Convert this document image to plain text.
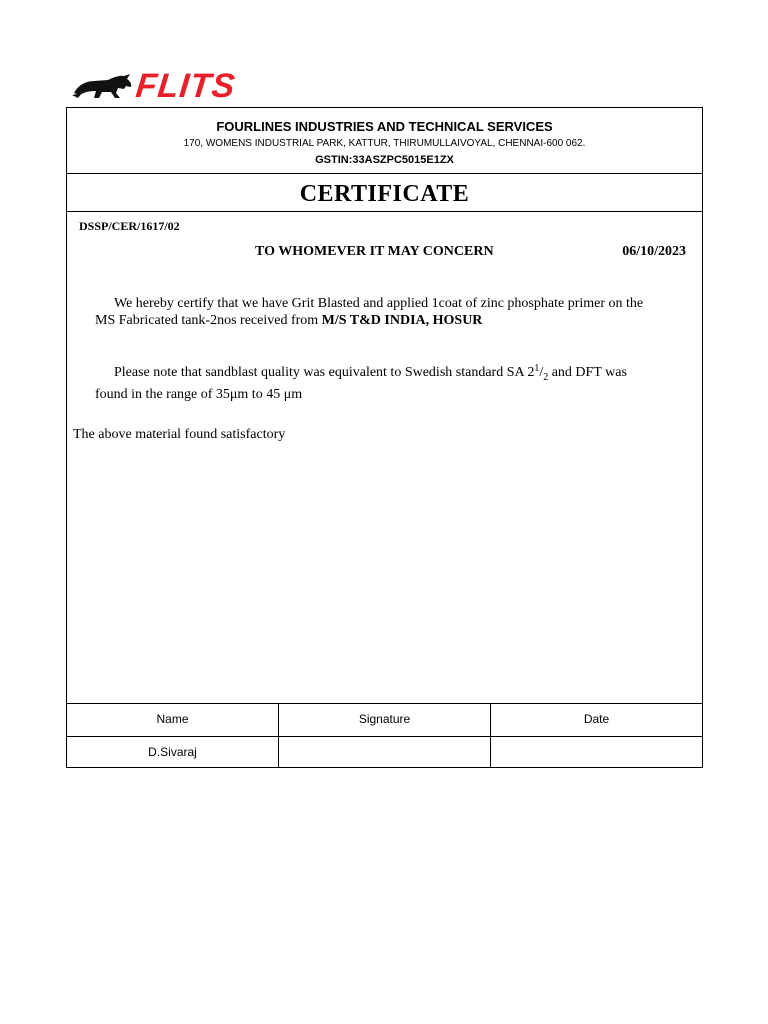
FLITS
FOURLINES INDUSTRIES AND TECHNICAL SERVICES
170, WOMENS INDUSTRIAL PARK, KATTUR, THIRUMULLAIVOYAL, CHENNAI-600 062.
GSTIN:33ASZPC5015E1ZX
CERTIFICATE
DSSP/CER/1617/02
TO WHOMEVER IT MAY CONCERN	06/10/2023
We hereby certify that we have Grit Blasted and applied 1coat of zinc phosphate primer on the
MS Fabricated tank-2nos received from M/S T&D INDIA, HOSUR
Please note that sandblast quality was equivalent to Swedish standard SA $2^1/_2$ and DFT was
found in the range of 35μm to 45 μm
The above material found satisfactory
Name	Signature	Date
D.Sivaraj
